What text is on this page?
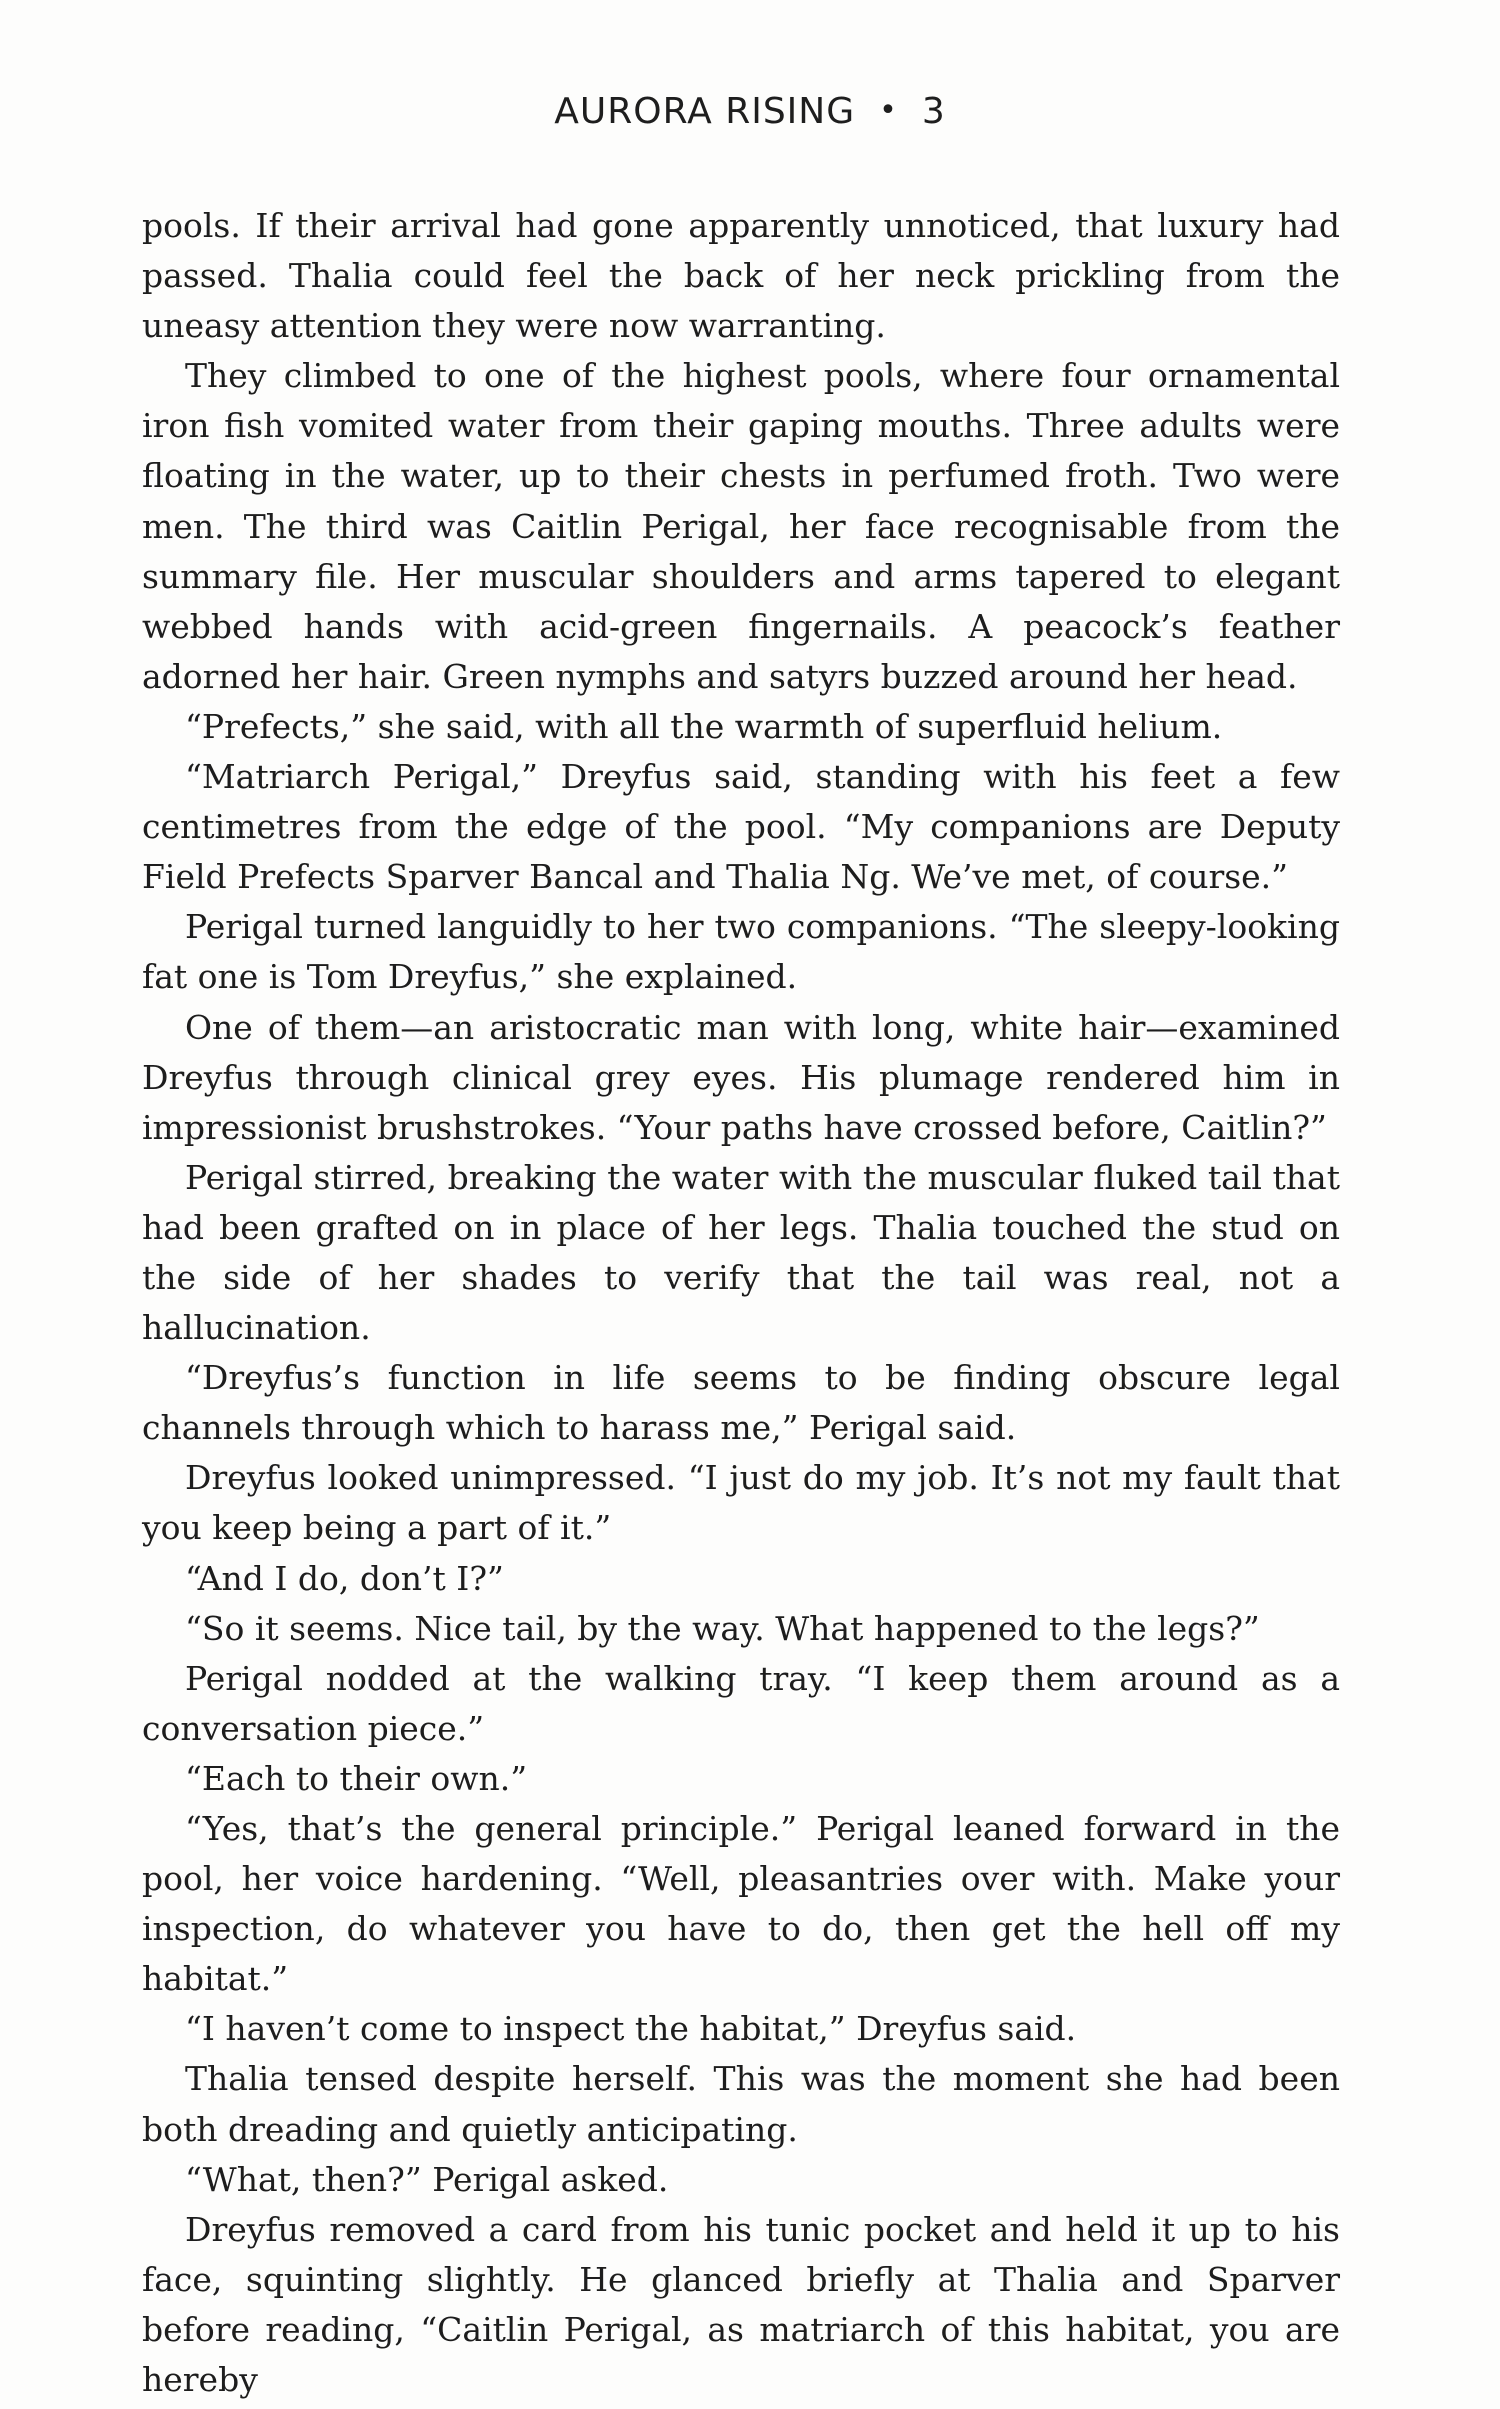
AURORA RISING • 3

pools. If their arrival had gone apparently unnoticed, that luxury had passed. Thalia could feel the back of her neck prickling from the uneasy attention they were now warranting.

They climbed to one of the highest pools, where four ornamental iron fish vomited water from their gaping mouths. Three adults were floating in the water, up to their chests in perfumed froth. Two were men. The third was Caitlin Perigal, her face recognisable from the summary file. Her muscular shoulders and arms tapered to elegant webbed hands with acid-green fingernails. A peacock’s feather adorned her hair. Green nymphs and satyrs buzzed around her head.

“Prefects,” she said, with all the warmth of superfluid helium.

“Matriarch Perigal,” Dreyfus said, standing with his feet a few centimetres from the edge of the pool. “My companions are Deputy Field Prefects Sparver Bancal and Thalia Ng. We’ve met, of course.”

Perigal turned languidly to her two companions. “The sleepy-looking fat one is Tom Dreyfus,” she explained.

One of them—an aristocratic man with long, white hair—examined Dreyfus through clinical grey eyes. His plumage rendered him in impressionist brushstrokes. “Your paths have crossed before, Caitlin?”

Perigal stirred, breaking the water with the muscular fluked tail that had been grafted on in place of her legs. Thalia touched the stud on the side of her shades to verify that the tail was real, not a hallucination.

“Dreyfus’s function in life seems to be finding obscure legal channels through which to harass me,” Perigal said.

Dreyfus looked unimpressed. “I just do my job. It’s not my fault that you keep being a part of it.”

“And I do, don’t I?”

“So it seems. Nice tail, by the way. What happened to the legs?”

Perigal nodded at the walking tray. “I keep them around as a conversation piece.”

“Each to their own.”

“Yes, that’s the general principle.” Perigal leaned forward in the pool, her voice hardening. “Well, pleasantries over with. Make your inspection, do whatever you have to do, then get the hell off my habitat.”

“I haven’t come to inspect the habitat,” Dreyfus said.

Thalia tensed despite herself. This was the moment she had been both dreading and quietly anticipating.

“What, then?” Perigal asked.

Dreyfus removed a card from his tunic pocket and held it up to his face, squinting slightly. He glanced briefly at Thalia and Sparver before reading, “Caitlin Perigal, as matriarch of this habitat, you are hereby
